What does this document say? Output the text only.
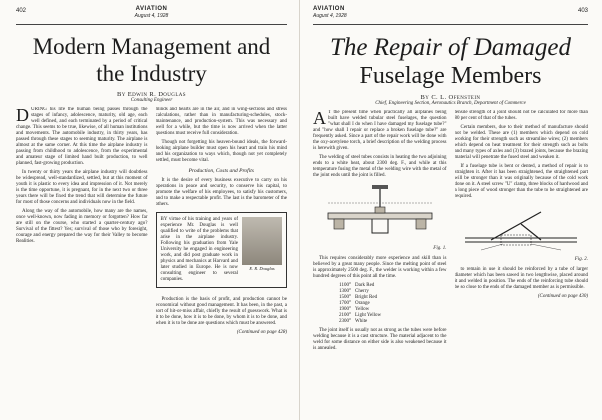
402	AVIATION
August 4, 1928
Modern Management and
the Industry
By Edwin R. Douglas
Consulting Engineer

DURING his life the human being passes through the stages of infancy, adolescence, maturity, old age, each well defined, and each terminated by a period of critical change. This seems to be true, likewise, of all human institutions and movements. The automobile industry, in thirty years, has passed through these stages to seeming maturity. The airplane is almost at the same corner. At this time the airplane industry is passing from childhood to adolescence, from the experimental and amateur stage of limited hand built production, to well planned, fast-growing production.

In twenty or thirty years the airplane industry will doubtless be widespread, well-standardized, settled, but at this moment of youth it is plastic to every idea and impression of it. Not merely is the time opportune, it is pregnant, for in the next two or three years there will be fixed the trend that will determine the future for most of those concerns and individuals now in the field.

Along the way of the automobile, how many are the names, once well-known, now fading in memory or forgotten? How far are still on the course, who started a quarter-century ago? Survival of the fittest? Yes; survival of those who by foresight, courage and energy prepared the way for their Valley to become Realities.

minds and hearts are in the air, and in wing-sections and stress calculations, rather than in manufacturing-schedules, stock-maintenance, and production-system. This was necessary and well for a while, but the time is now arrived when the latter questions must receive full consideration.

Though not forgetting his heaven-bound ideals, the forward-looking airplane builder must open his heart and train his mind and his organization to ways which, though not yet completely settled, must become vital.

Production, Costs and Profits

It is the desire of every business executive to carry on his operations in peace and security, to conserve his capital, to promote the welfare of his employees, to satisfy his customers, and to make a respectable profit. The last is the barometer of the others.

BY virtue of his training and years of experience Mr. Douglas is well qualified to write of the problems that arise in the airplane industry. Following his graduation from Yale University he engaged in engineering work, and did post graduate work in physics and mechanics at Harvard and later studied in Europe. He is now consulting engineer to several companies.
E. R. Douglas

Production is the basis of profit, and production cannot be economical without good management. It has been, in the past, a sort of hit-or-miss affair, chiefly the result of guesswork. What is it to be done, how it is to be done, by whom it is to be done, and when it is to be done are questions which must be answered.

(Continued on page 428)
AVIATION
August 4, 1928
403
The Repair of Damaged
Fuselage Members
By C. L. Ofenstein
Chief, Engineering Section, Aeronautics Branch, Department of Commerce

A T the present time when practically all airplanes being built have welded tubular steel fuselages, the question "what shall I do when I have damaged my fuselage tube?" and "how shall I repair or replace a broken fuselage tube?" are frequently asked. Since a part of the repair work will be done with the oxy-acetylene torch, a brief description of the welding process is herewith given.

The welding of steel tubes consists in heating the two adjoining ends to a white heat, about 2300 deg. F., and while at this temperature fusing the metal of the welding wire with the metal of the joint ends until the joint is filled.

Fig. 1.

This requires considerably more experience and skill than is believed by a great many people. Since the melting point of steel is approximately 2500 deg. F., the welder is working within a few hundred degrees of this point all the time.

1100° Dark Red
1300° Cherry
1500° Bright Red
1700° Orange
1900° Yellow
2100° Light Yellow
2300° White

The joint itself is usually not as strong as the tubes were before welding because it is a cast structure. The material adjacent to the weld for some distance on either side is also weakened because it is annealed.

tensile strength of a joint should not be calculated for more than 80 per cent of that of the tubes.

Certain members, due to their method of manufacture should not be welded. These are (1) members which depend on cold working for their strength such as streamline wires; (2) members which depend on heat treatment for their strength such as bolts and many types of axles and (3) brazed joints, because the brazing material will penetrate the fused steel and weaken it.

If a fuselage tube is bent or dented, a method of repair is to straighten it. After it has been straightened, the straightened part will be stronger than it was originally because of the cold work done on it. A steel screw "U" clamp, three blocks of hardwood and a long piece of wood stronger than the tube to be straightened are required.

Fig. 2.

to remain in use it should be reinforced by a tube of larger diameter which has been sawed in two lengthwise, placed around it and welded in position. The ends of the reinforcing tube should be so close to the ends of the damaged member as is permissible.

(Continued on page 430)
